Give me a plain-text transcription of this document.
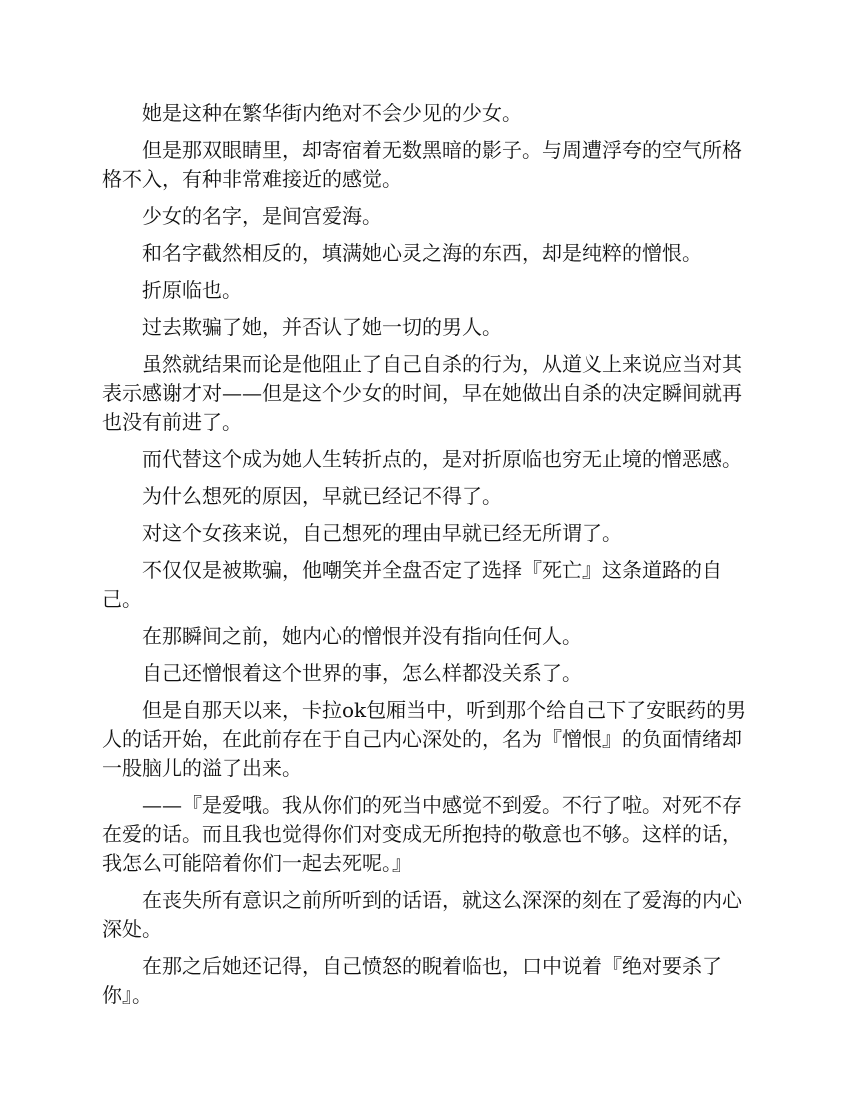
她是这种在繁华街内绝对不会少见的少女。

但是那双眼睛里，却寄宿着无数黑暗的影子。与周遭浮夸的空气所格格不入，有种非常难接近的感觉。

少女的名字，是间宫爱海。

和名字截然相反的，填满她心灵之海的东西，却是纯粹的憎恨。

折原临也。

过去欺骗了她，并否认了她一切的男人。

虽然就结果而论是他阻止了自己自杀的行为，从道义上来说应当对其表示感谢才对——但是这个少女的时间，早在她做出自杀的决定瞬间就再也没有前进了。

而代替这个成为她人生转折点的，是对折原临也穷无止境的憎恶感。

为什么想死的原因，早就已经记不得了。

对这个女孩来说，自己想死的理由早就已经无所谓了。

不仅仅是被欺骗，他嘲笑并全盘否定了选择『死亡』这条道路的自己。

在那瞬间之前，她内心的憎恨并没有指向任何人。

自己还憎恨着这个世界的事，怎么样都没关系了。

但是自那天以来，卡拉ok包厢当中，听到那个给自己下了安眠药的男人的话开始，在此前存在于自己内心深处的，名为『憎恨』的负面情绪却一股脑儿的溢了出来。

——『是爱哦。我从你们的死当中感觉不到爱。不行了啦。对死不存在爱的话。而且我也觉得你们对变成无所抱持的敬意也不够。这样的话，我怎么可能陪着你们一起去死呢。』

在丧失所有意识之前所听到的话语，就这么深深的刻在了爱海的内心深处。

在那之后她还记得，自己愤怒的睨着临也，口中说着『绝对要杀了你』。
